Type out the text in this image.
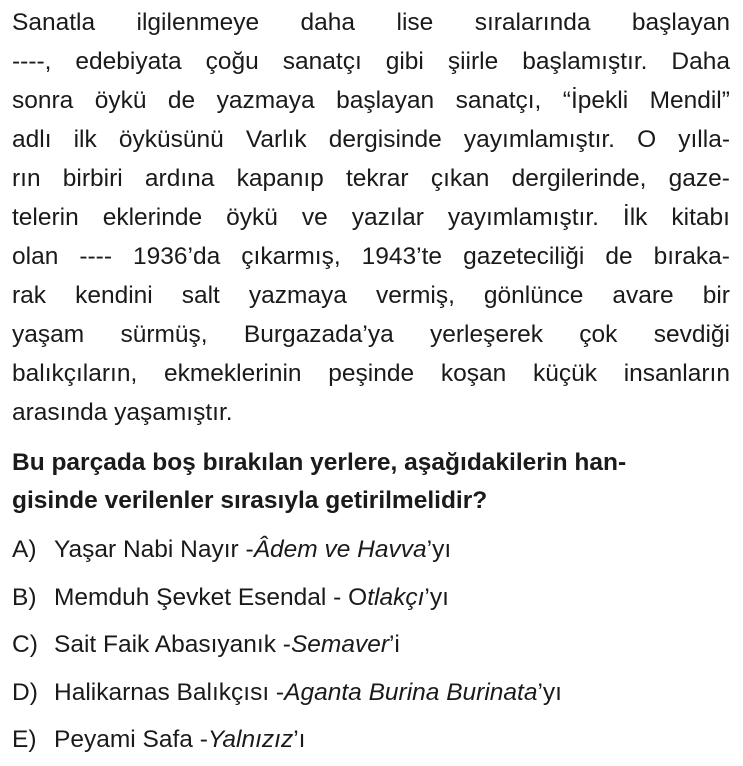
Sanatla ilgilenmeye daha lise sıralarında başlayan
----, edebiyata çoğu sanatçı gibi şiirle başlamıştır. Daha
sonra öykü de yazmaya başlayan sanatçı, “İpekli Mendil”
adlı ilk öyküsünü Varlık dergisinde yayımlamıştır. O yılla-
rın birbiri ardına kapanıp tekrar çıkan dergilerinde, gaze-
telerin eklerinde öykü ve yazılar yayımlamıştır. İlk kitabı
olan ---- 1936’da çıkarmış, 1943’te gazeteciliği de bıraka-
rak kendini salt yazmaya vermiş, gönlünce avare bir
yaşam sürmüş, Burgazada’ya yerleşerek çok sevdiği
balıkçıların, ekmeklerinin peşinde koşan küçük insanların
arasında yaşamıştır.
Bu parçada boş bırakılan yerlere, aşağıdakilerin han-
gisinde verilenler sırasıyla getirilmelidir?
A) Yaşar Nabi Nayır - Âdem ve Havva ’yı
B) Memduh Şevket Esendal - O tlakçı ’yı
C) Sait Faik Abasıyanık - Semaver ’i
D) Halikarnas Balıkçısı - Aganta Burina Burinata ’yı
E) Peyami Safa - Yalnızız ’ı
